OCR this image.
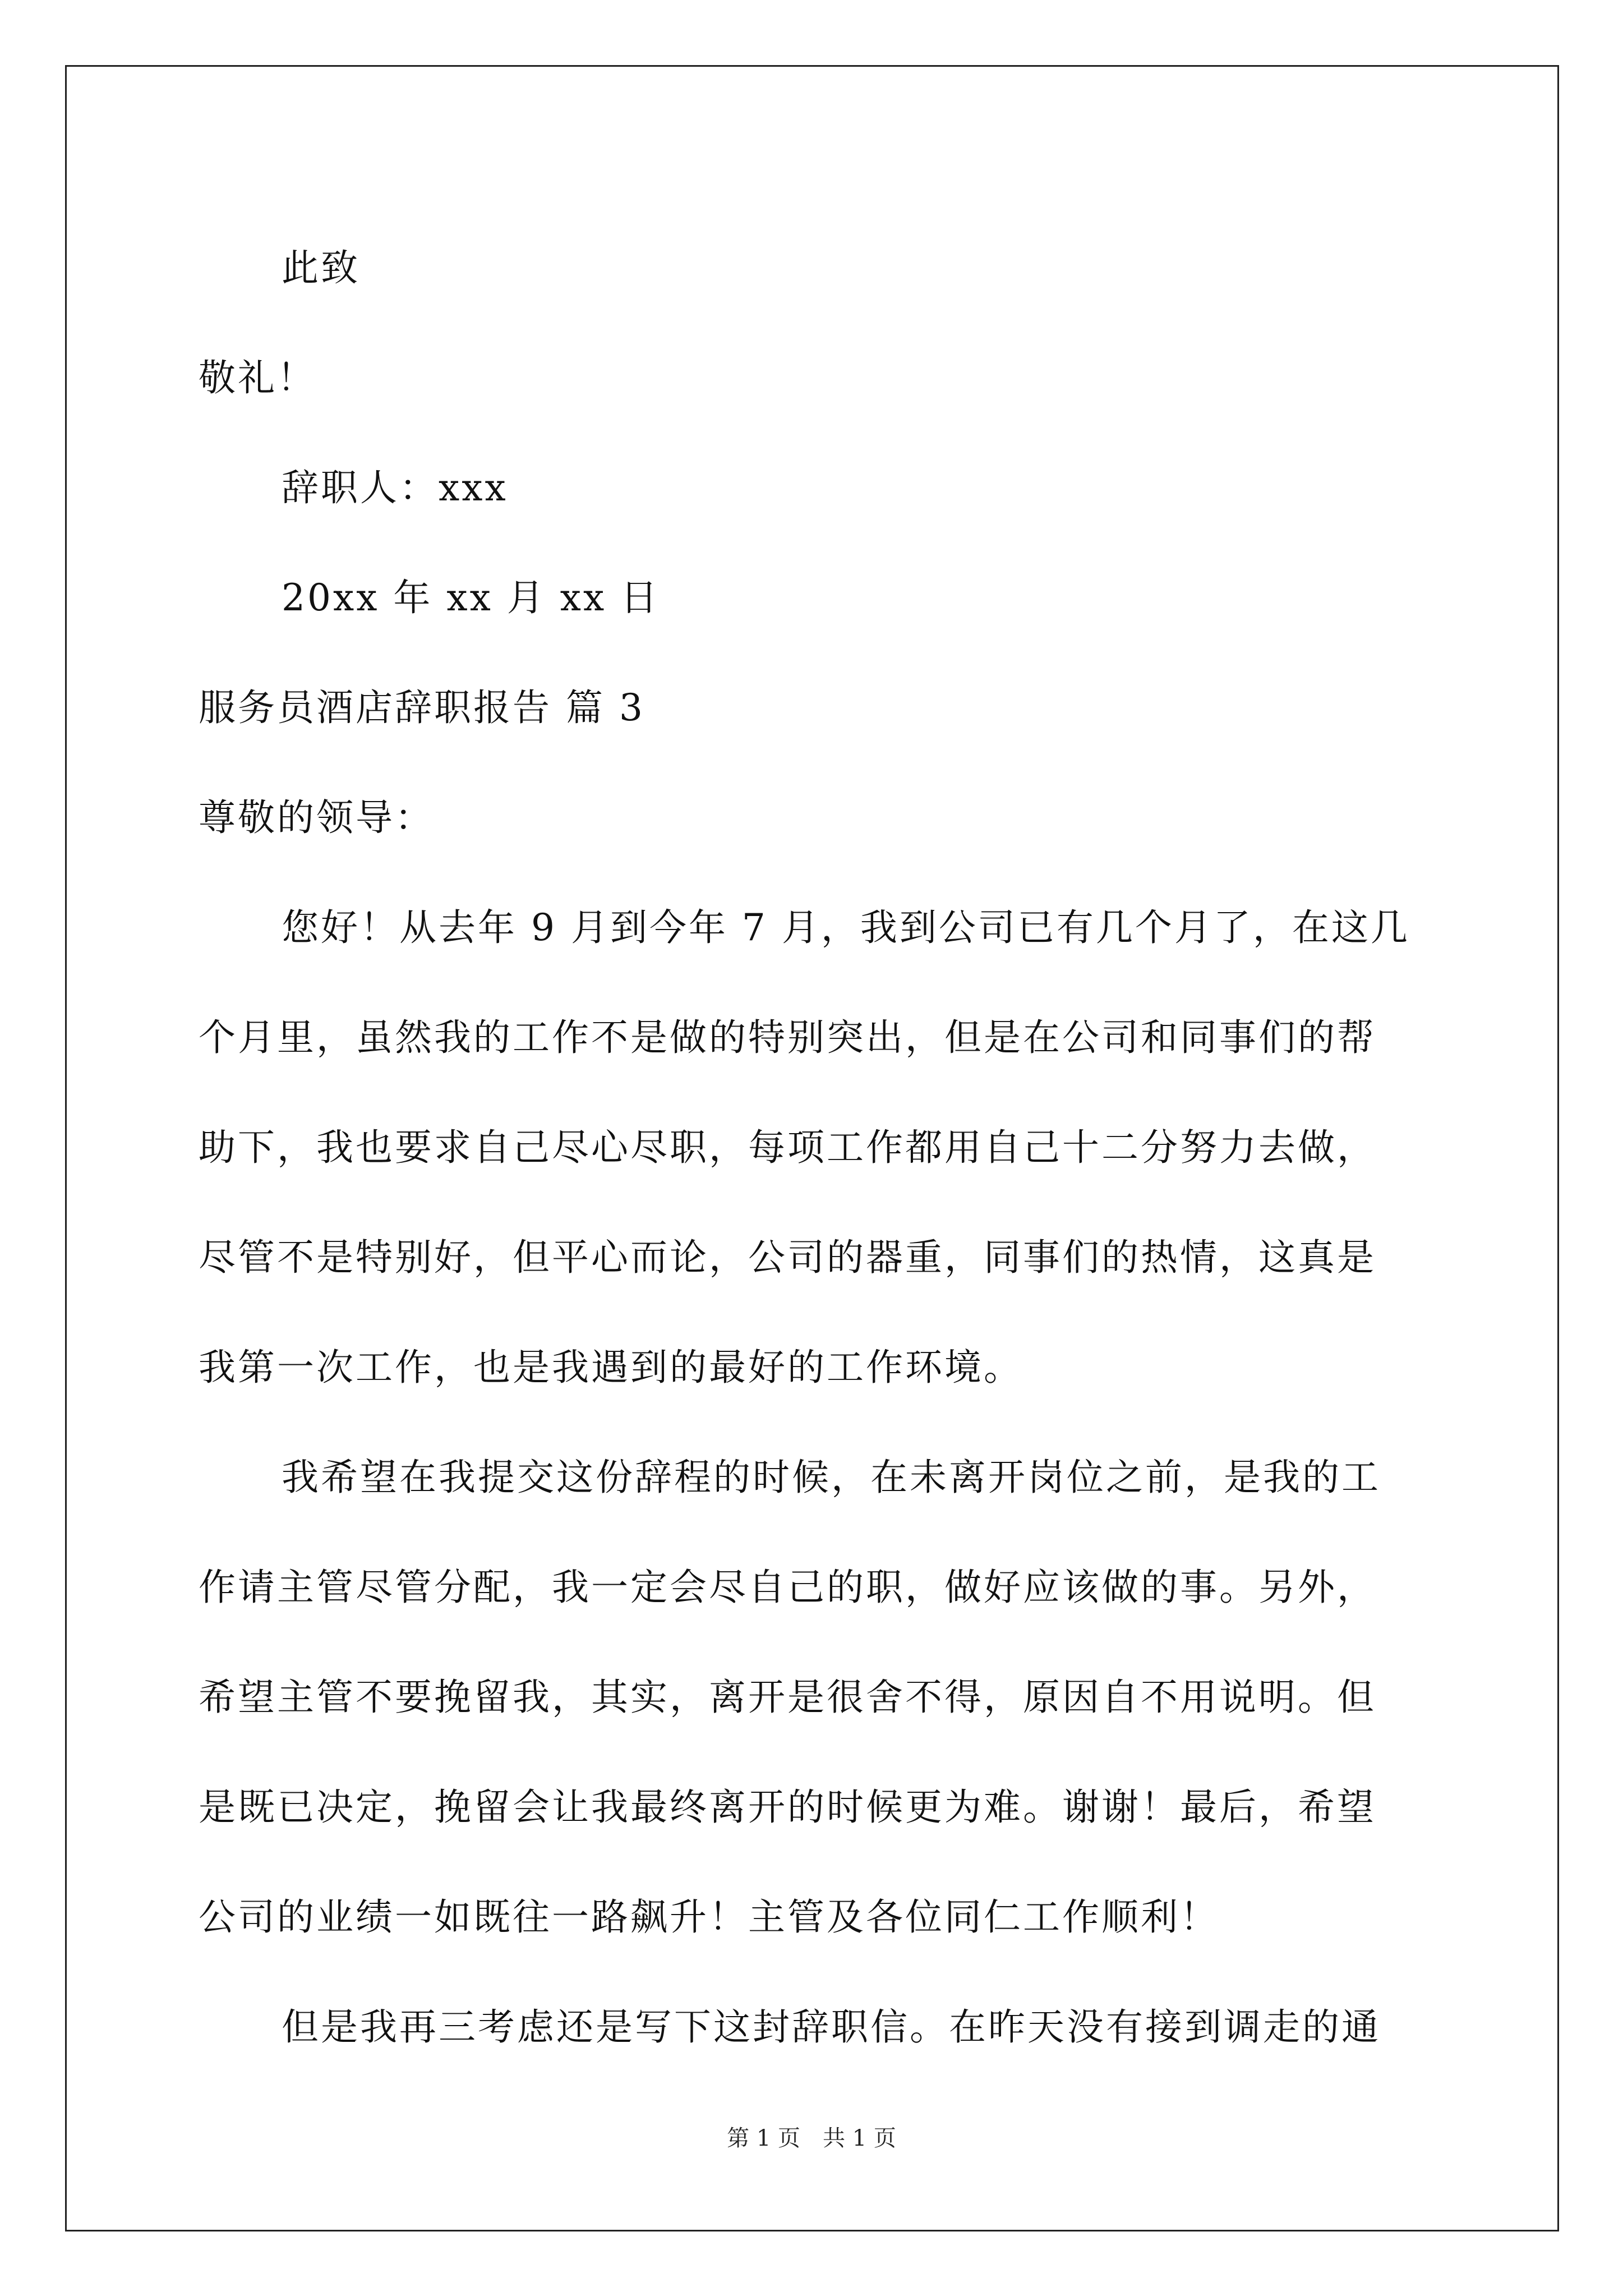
此致
敬礼！
辞职人：xxx
20xx 年 xx 月 xx 日
服务员酒店辞职报告 篇 3
尊敬的领导：
您好！从去年 9 月到今年 7 月，我到公司已有几个月了，在这几
个月里，虽然我的工作不是做的特别突出，但是在公司和同事们的帮
助下，我也要求自己尽心尽职，每项工作都用自己十二分努力去做，
尽管不是特别好，但平心而论，公司的器重，同事们的热情，这真是
我第一次工作，也是我遇到的最好的工作环境。
我希望在我提交这份辞程的时候，在未离开岗位之前，是我的工
作请主管尽管分配，我一定会尽自己的职，做好应该做的事。另外，
希望主管不要挽留我，其实，离开是很舍不得，原因自不用说明。但
是既已决定，挽留会让我最终离开的时候更为难。谢谢！最后，希望
公司的业绩一如既往一路飙升！主管及各位同仁工作顺利！
但是我再三考虑还是写下这封辞职信。在昨天没有接到调走的通
第 1 页　共 1 页
